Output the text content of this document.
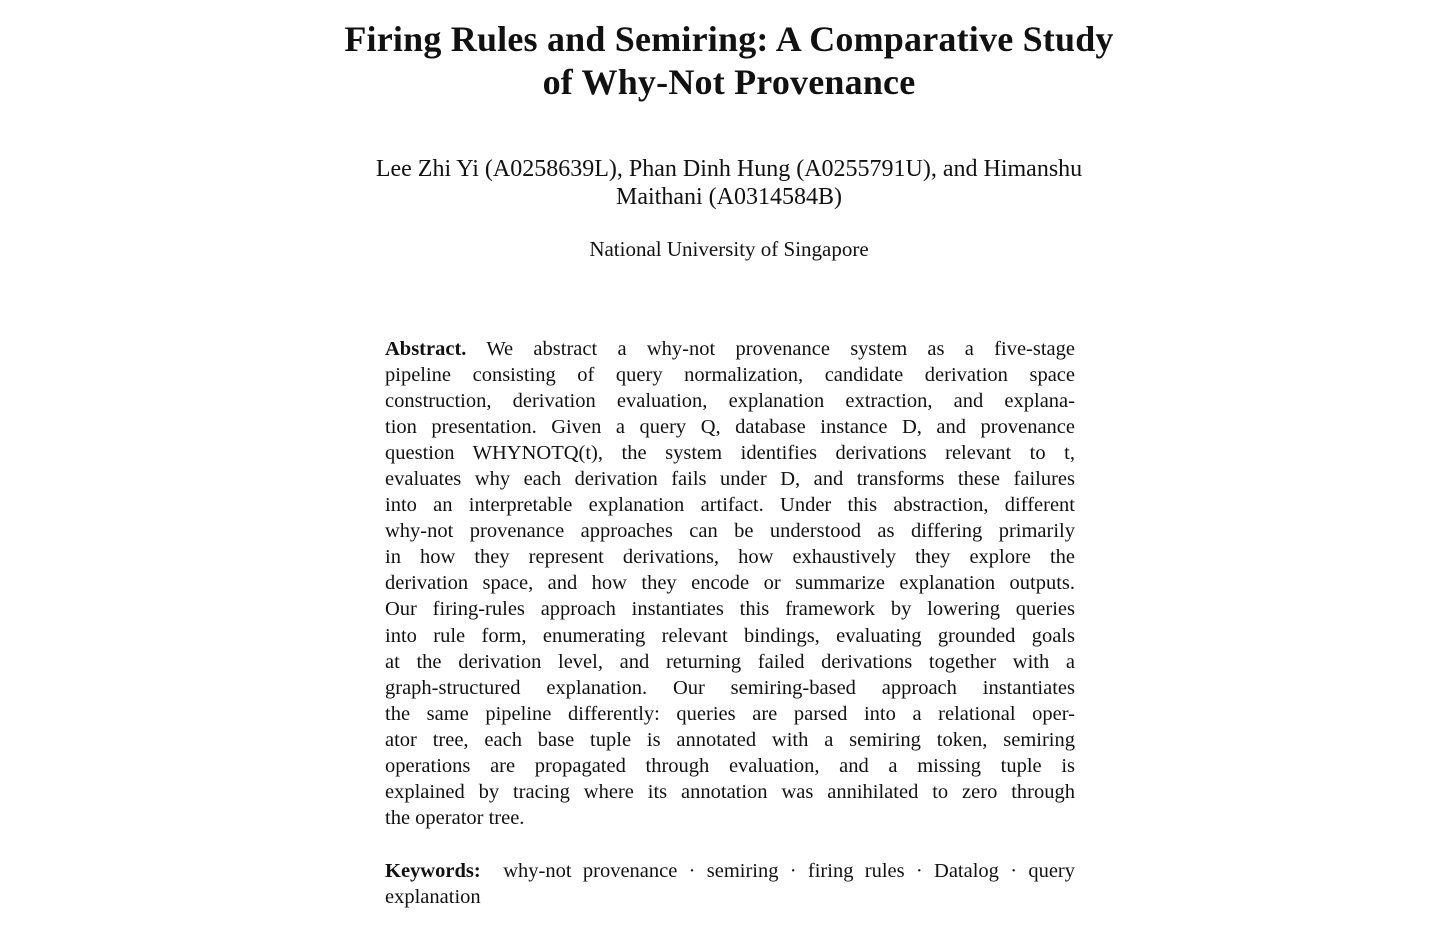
Firing Rules and Semiring: A Comparative Study
of Why-Not Provenance

Lee Zhi Yi (A0258639L), Phan Dinh Hung (A0255791U), and Himanshu
Maithani (A0314584B)

National University of Singapore

Abstract. We abstract a why-not provenance system as a five-stage
pipeline consisting of query normalization, candidate derivation space
construction, derivation evaluation, explanation extraction, and explana-
tion presentation. Given a query Q, database instance D, and provenance
question WHYNOTQ(t), the system identifies derivations relevant to t,
evaluates why each derivation fails under D, and transforms these failures
into an interpretable explanation artifact. Under this abstraction, different
why-not provenance approaches can be understood as differing primarily
in how they represent derivations, how exhaustively they explore the
derivation space, and how they encode or summarize explanation outputs.
Our firing-rules approach instantiates this framework by lowering queries
into rule form, enumerating relevant bindings, evaluating grounded goals
at the derivation level, and returning failed derivations together with a
graph-structured explanation. Our semiring-based approach instantiates
the same pipeline differently: queries are parsed into a relational oper-
ator tree, each base tuple is annotated with a semiring token, semiring
operations are propagated through evaluation, and a missing tuple is
explained by tracing where its annotation was annihilated to zero through
the operator tree.
Keywords: why-not provenance · semiring · firing rules · Datalog · query
explanation
